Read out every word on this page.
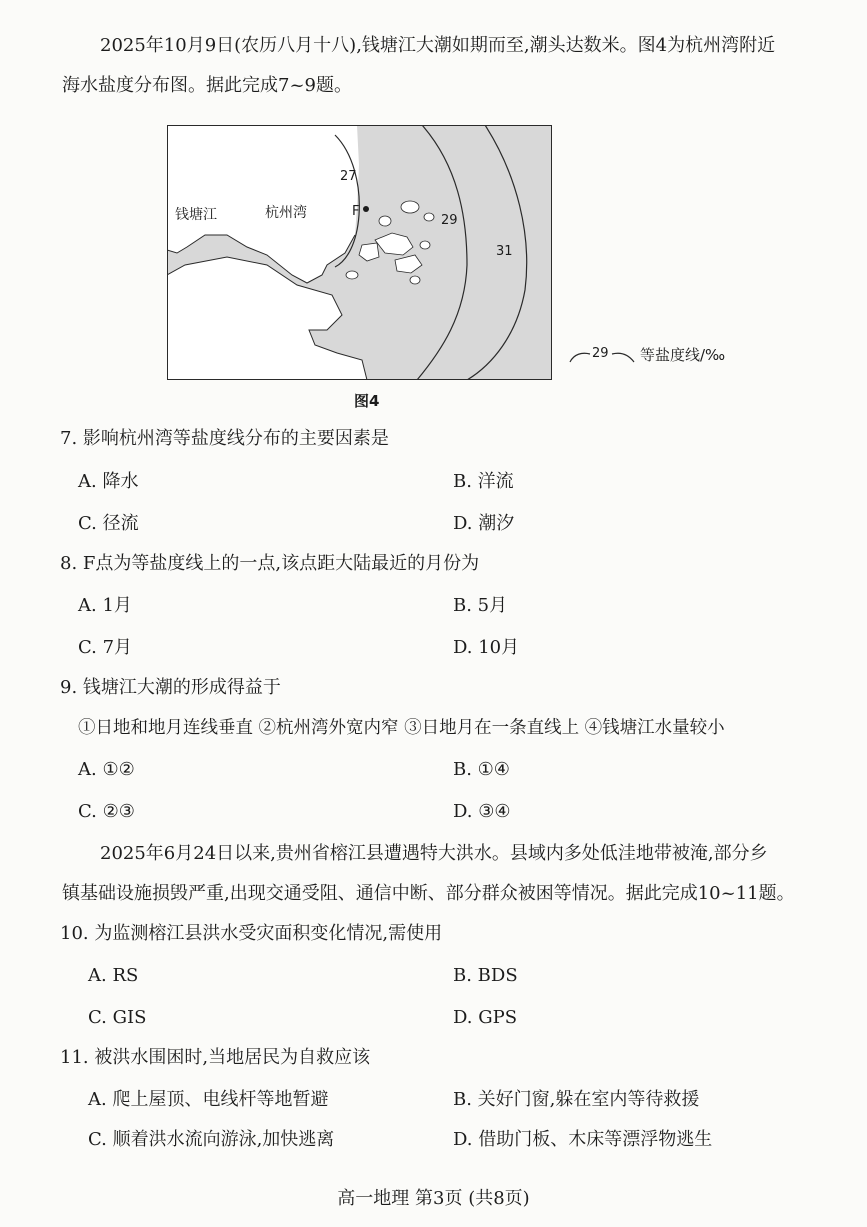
2025年10月9日(农历八月十八),钱塘江大潮如期而至,潮头达数米。图4为杭州湾附近
海水盐度分布图。据此完成7~9题。
钱塘江	杭州湾	F
27
29
31
29 等盐度线/‰
图4
7. 影响杭州湾等盐度线分布的主要因素是
A. 降水	B. 洋流
C. 径流	D. 潮汐
8. F点为等盐度线上的一点,该点距大陆最近的月份为
A. 1月	B. 5月
C. 7月	D. 10月
9. 钱塘江大潮的形成得益于
①日地和地月连线垂直 ②杭州湾外宽内窄 ③日地月在一条直线上 ④钱塘江水量较小
A. ①②	B. ①④
C. ②③	D. ③④
2025年6月24日以来,贵州省榕江县遭遇特大洪水。县域内多处低洼地带被淹,部分乡
镇基础设施损毁严重,出现交通受阻、通信中断、部分群众被困等情况。据此完成10~11题。
10. 为监测榕江县洪水受灾面积变化情况,需使用
A. RS	B. BDS
C. GIS	D. GPS
11. 被洪水围困时,当地居民为自救应该
A. 爬上屋顶、电线杆等地暂避	B. 关好门窗,躲在室内等待救援
C. 顺着洪水流向游泳,加快逃离	D. 借助门板、木床等漂浮物逃生
高一地理 第3页 (共8页)
